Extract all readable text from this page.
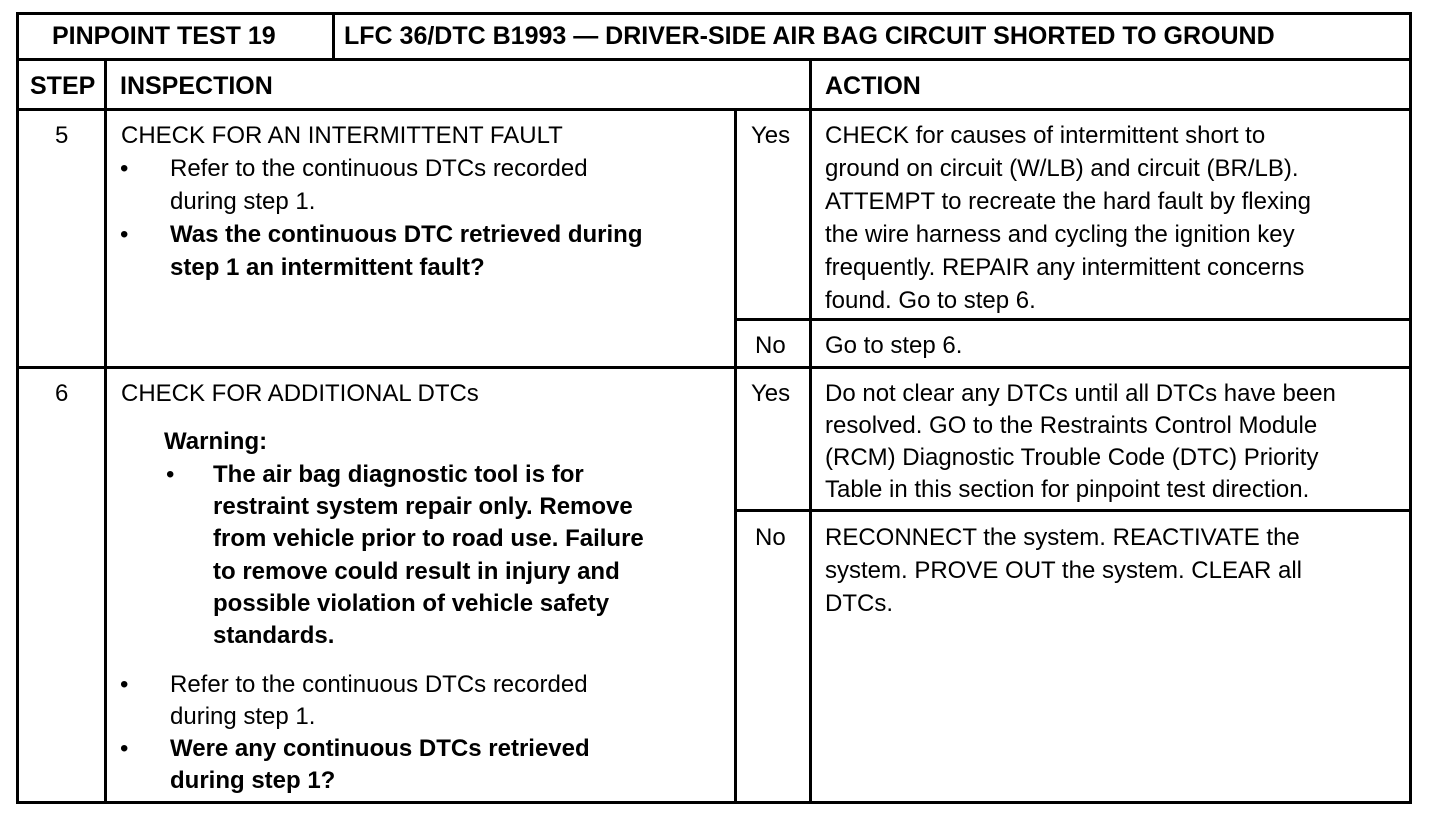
PINPOINT TEST 19	LFC 36/DTC B1993 — DRIVER-SIDE AIR BAG CIRCUIT SHORTED TO GROUND
STEP INSPECTION	ACTION
5 CHECK FOR AN INTERMITTENT FAULT
• Refer to the continuous DTCs recorded
during step 1.
• Was the continuous DTC retrieved during
step 1 an intermittent fault?
Yes CHECK for causes of intermittent short to
ground on circuit (W/LB) and circuit (BR/LB).
ATTEMPT to recreate the hard fault by flexing
the wire harness and cycling the ignition key
frequently. REPAIR any intermittent concerns
found. Go to step 6.
No Go to step 6.
6 CHECK FOR ADDITIONAL DTCs
Warning:
• The air bag diagnostic tool is for
restraint system repair only. Remove
from vehicle prior to road use. Failure
to remove could result in injury and
possible violation of vehicle safety
standards.
• Refer to the continuous DTCs recorded
during step 1.
• Were any continuous DTCs retrieved
during step 1?
Yes Do not clear any DTCs until all DTCs have been
resolved. GO to the Restraints Control Module
(RCM) Diagnostic Trouble Code (DTC) Priority
Table in this section for pinpoint test direction.
No RECONNECT the system. REACTIVATE the
system. PROVE OUT the system. CLEAR all
DTCs.
